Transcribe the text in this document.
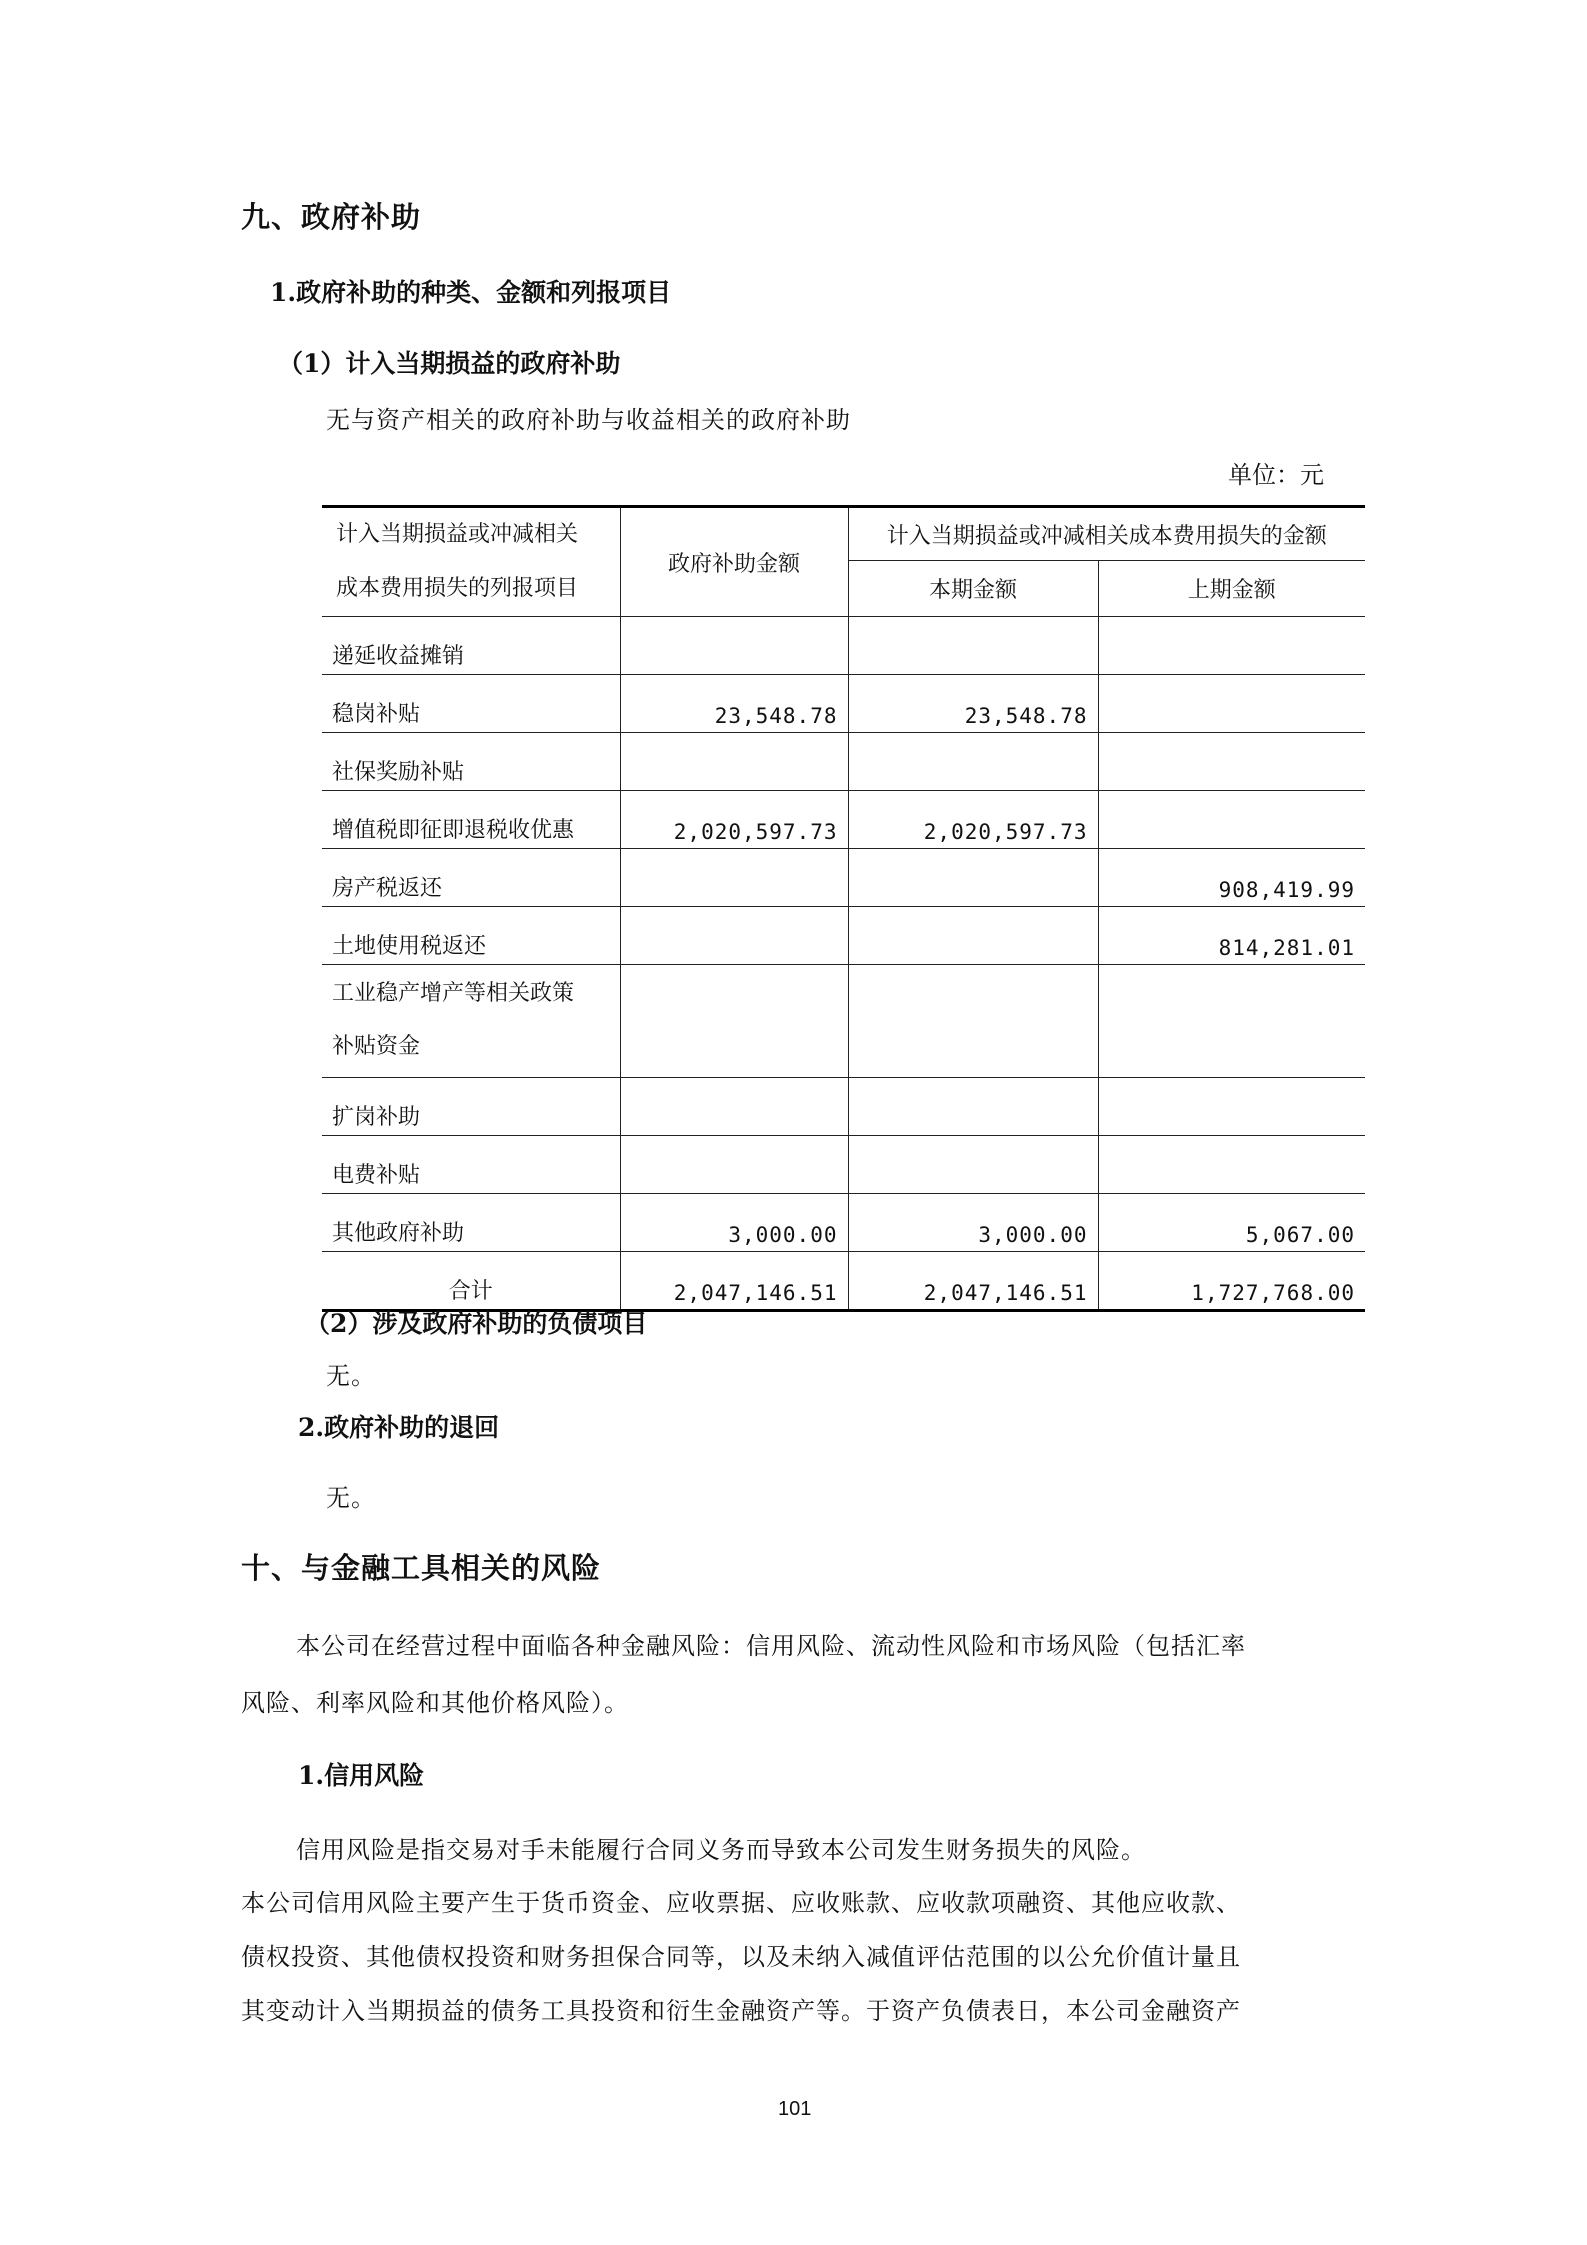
九、政府补助
1.政府补助的种类、金额和列报项目
（1）计入当期损益的政府补助
无与资产相关的政府补助与收益相关的政府补助
单位：元
计入当期损益或冲减相关
成本费用损失的列报项目	政府补助金额	计入当期损益或冲减相关成本费用损失的金额	
		本期金额	上期金额
递延收益摊销			
稳岗补贴	23,548.78	23,548.78	
社保奖励补贴			
增值税即征即退税收优惠	2,020,597.73	2,020,597.73	
房产税返还			908,419.99
土地使用税返还			814,281.01

工业稳产增产等相关政策
补贴资金			

扩岗补助			
电费补贴			
其他政府补助	3,000.00	3,000.00	5,067.00
合计	2,047,146.51	2,047,146.51	1,727,768.00
（2）涉及政府补助的负债项目
无。
2.政府补助的退回
无。
十、与金融工具相关的风险
本公司在经营过程中面临各种金融风险：信用风险、流动性风险和市场风险（包括汇率
风险、利率风险和其他价格风险）。
1.信用风险
信用风险是指交易对手未能履行合同义务而导致本公司发生财务损失的风险。
本公司信用风险主要产生于货币资金、应收票据、应收账款、应收款项融资、其他应收款、
债权投资、其他债权投资和财务担保合同等，以及未纳入减值评估范围的以公允价值计量且
其变动计入当期损益的债务工具投资和衍生金融资产等。于资产负债表日，本公司金融资产
101
